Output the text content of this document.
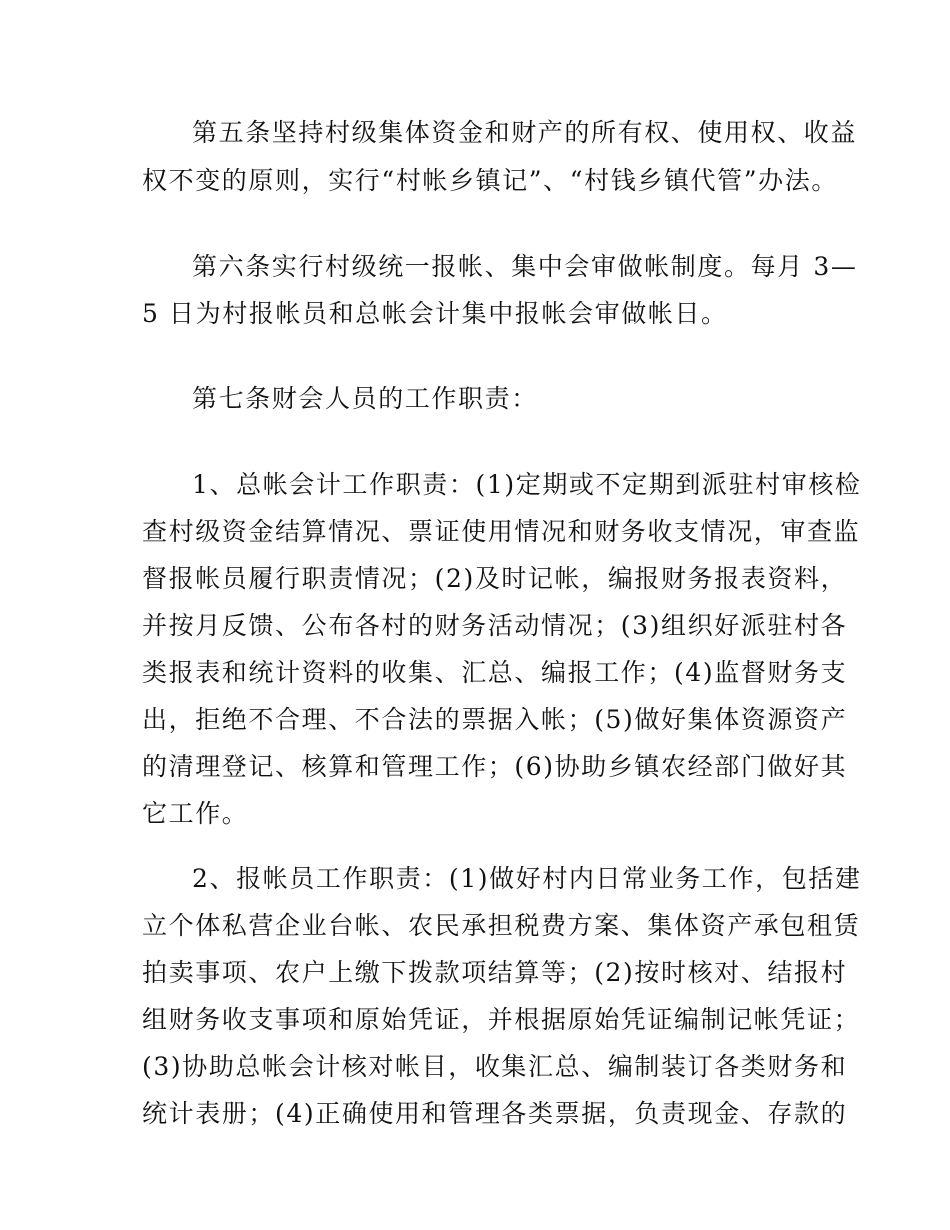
第五条坚持村级集体资金和财产的所有权、使用权、收益
权不变的原则，实行“村帐乡镇记”、“村钱乡镇代管”办法。
第六条实行村级统一报帐、集中会审做帐制度。每月 3—
5 日为村报帐员和总帐会计集中报帐会审做帐日。
第七条财会人员的工作职责：
1、总帐会计工作职责：(1)定期或不定期到派驻村审核检
查村级资金结算情况、票证使用情况和财务收支情况，审查监
督报帐员履行职责情况；(2)及时记帐，编报财务报表资料，
并按月反馈、公布各村的财务活动情况；(3)组织好派驻村各
类报表和统计资料的收集、汇总、编报工作；(4)监督财务支
出，拒绝不合理、不合法的票据入帐；(5)做好集体资源资产
的清理登记、核算和管理工作；(6)协助乡镇农经部门做好其
它工作。
2、报帐员工作职责：(1)做好村内日常业务工作，包括建
立个体私营企业台帐、农民承担税费方案、集体资产承包租赁
拍卖事项、农户上缴下拨款项结算等；(2)按时核对、结报村
组财务收支事项和原始凭证，并根据原始凭证编制记帐凭证；
(3)协助总帐会计核对帐目，收集汇总、编制装订各类财务和
统计表册；(4)正确使用和管理各类票据，负责现金、存款的
